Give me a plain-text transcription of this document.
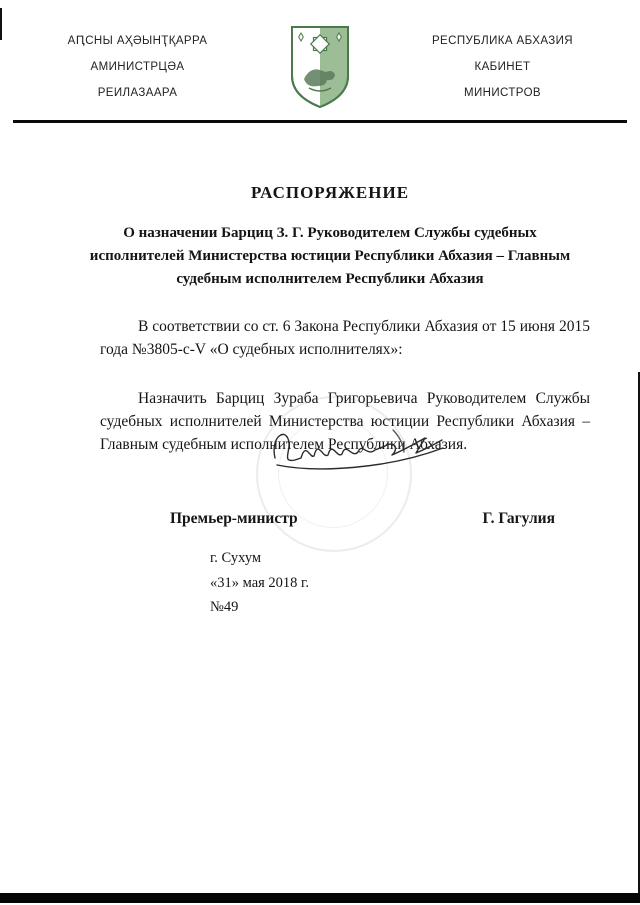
АԤСНЫ АҲӘЫНҬҚАРРА
АМИНИСТРЦӘА
РЕИЛАЗААРА
РЕСПУБЛИКА АБХАЗИЯ
КАБИНЕТ
МИНИСТРОВ
РАСПОРЯЖЕНИЕ
О назначении Барциц З. Г. Руководителем Службы судебных исполнителей Министерства юстиции Республики Абхазия – Главным судебным исполнителем Республики Абхазия

В соответствии со ст. 6 Закона Республики Абхазия от 15 июня 2015 года №3805-с-V «О судебных исполнителях»:

Назначить Барциц Зураба Григорьевича Руководителем Службы судебных исполнителей Министерства юстиции Республики Абхазия – Главным судебным исполнителем Республики Абхазия.

Премьер-министр	Г. Гагулия
г. Сухум
«31» мая 2018 г.
№49
